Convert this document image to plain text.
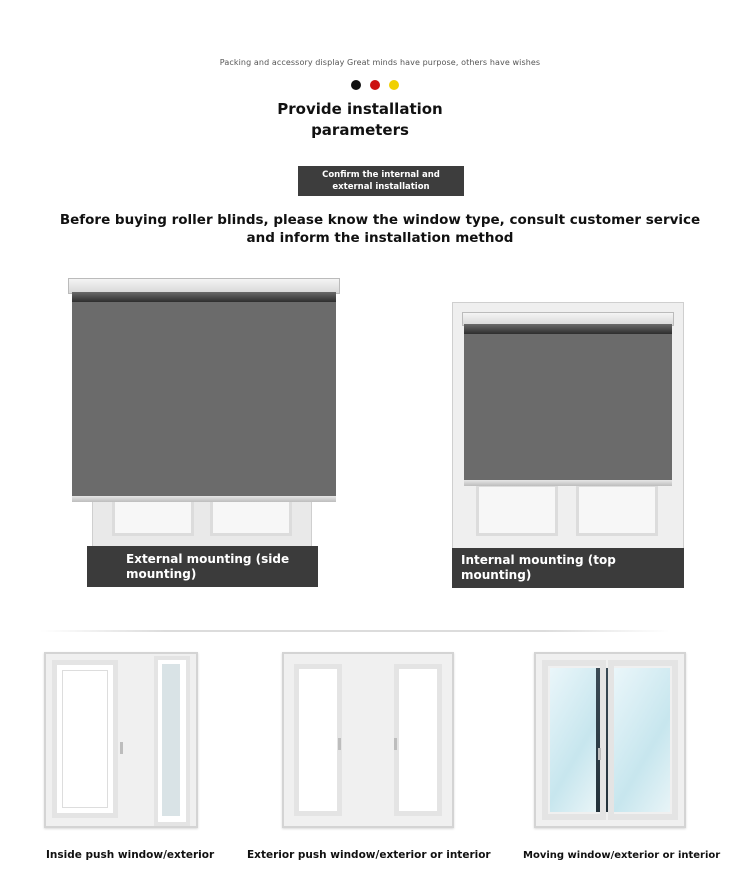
Packing and accessory display Great minds have purpose, others have wishes
Provide installation
parameters
Confirm the internal and
external installation
Before buying roller blinds, please know the window type, consult customer service
and inform the installation method
External mounting (side
mounting)
Internal mounting (top mounting)
Inside push window/exterior	Exterior push window/exterior or interior	Moving window/exterior or interior
